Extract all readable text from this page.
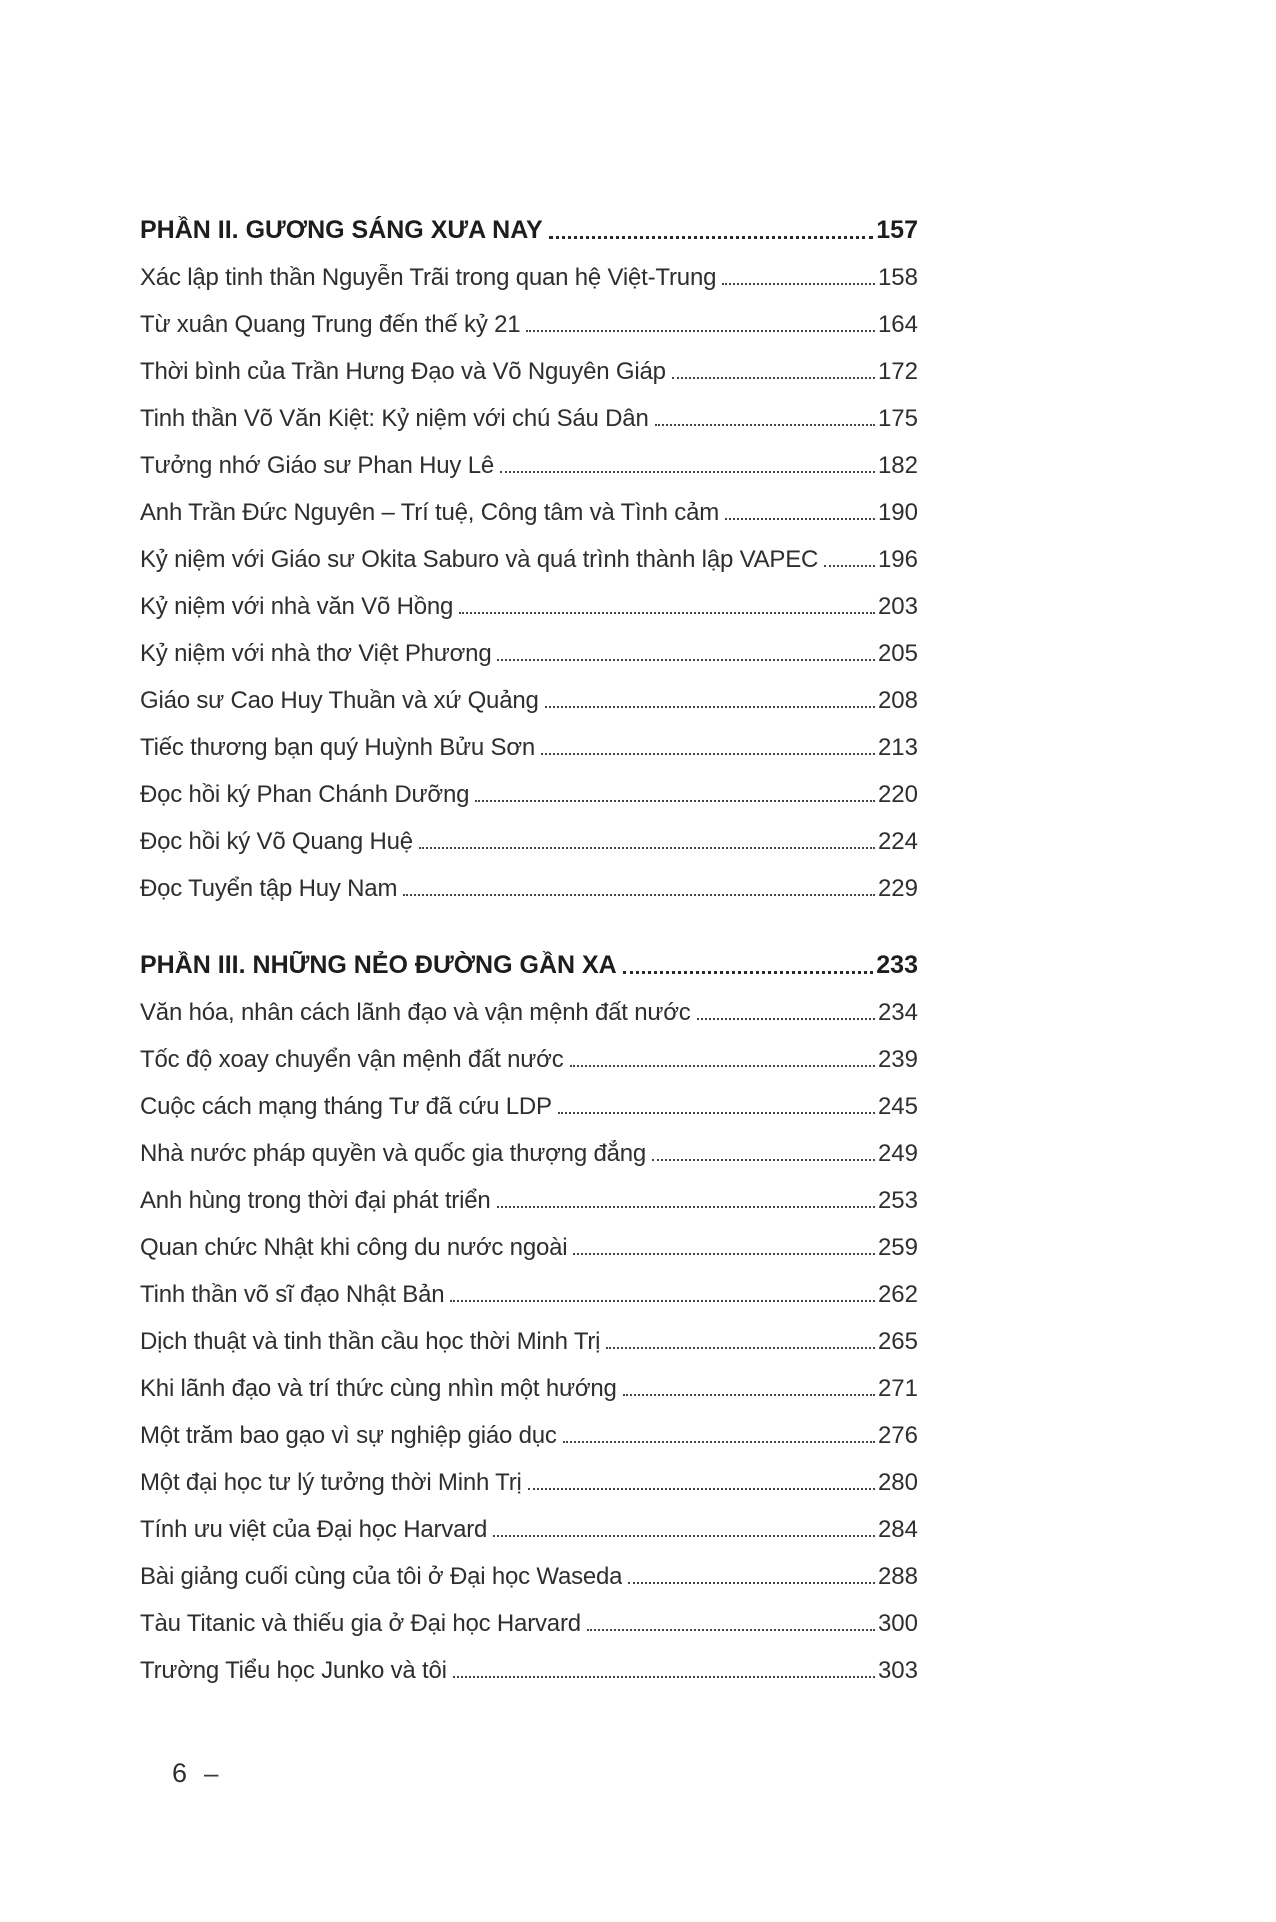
PHẦN II. GƯƠNG SÁNG XƯA NAY	157
Xác lập tinh thần Nguyễn Trãi trong quan hệ Việt-Trung	158
Từ xuân Quang Trung đến thế kỷ 21	164
Thời bình của Trần Hưng Đạo và Võ Nguyên Giáp	172
Tinh thần Võ Văn Kiệt: Kỷ niệm với chú Sáu Dân	175
Tưởng nhớ Giáo sư Phan Huy Lê	182
Anh Trần Đức Nguyên – Trí tuệ, Công tâm và Tình cảm	190
Kỷ niệm với Giáo sư Okita Saburo và quá trình thành lập VAPEC 196
Kỷ niệm với nhà văn Võ Hồng	203
Kỷ niệm với nhà thơ Việt Phương	205
Giáo sư Cao Huy Thuần và xứ Quảng	208
Tiếc thương bạn quý Huỳnh Bửu Sơn	213
Đọc hồi ký Phan Chánh Dưỡng	220
Đọc hồi ký Võ Quang Huệ	224
Đọc Tuyển tập Huy Nam	229
PHẦN III. NHỮNG NẺO ĐƯỜNG GẦN XA	233
Văn hóa, nhân cách lãnh đạo và vận mệnh đất nước	234
Tốc độ xoay chuyển vận mệnh đất nước	239
Cuộc cách mạng tháng Tư đã cứu LDP	245
Nhà nước pháp quyền và quốc gia thượng đẳng	249
Anh hùng trong thời đại phát triển	253
Quan chức Nhật khi công du nước ngoài	259
Tinh thần võ sĩ đạo Nhật Bản	262
Dịch thuật và tinh thần cầu học thời Minh Trị	265
Khi lãnh đạo và trí thức cùng nhìn một hướng	271
Một trăm bao gạo vì sự nghiệp giáo dục	276
Một đại học tư lý tưởng thời Minh Trị	280
Tính ưu việt của Đại học Harvard	284
Bài giảng cuối cùng của tôi ở Đại học Waseda	288
Tàu Titanic và thiếu gia ở Đại học Harvard	300
Trường Tiểu học Junko và tôi	303
6 –
